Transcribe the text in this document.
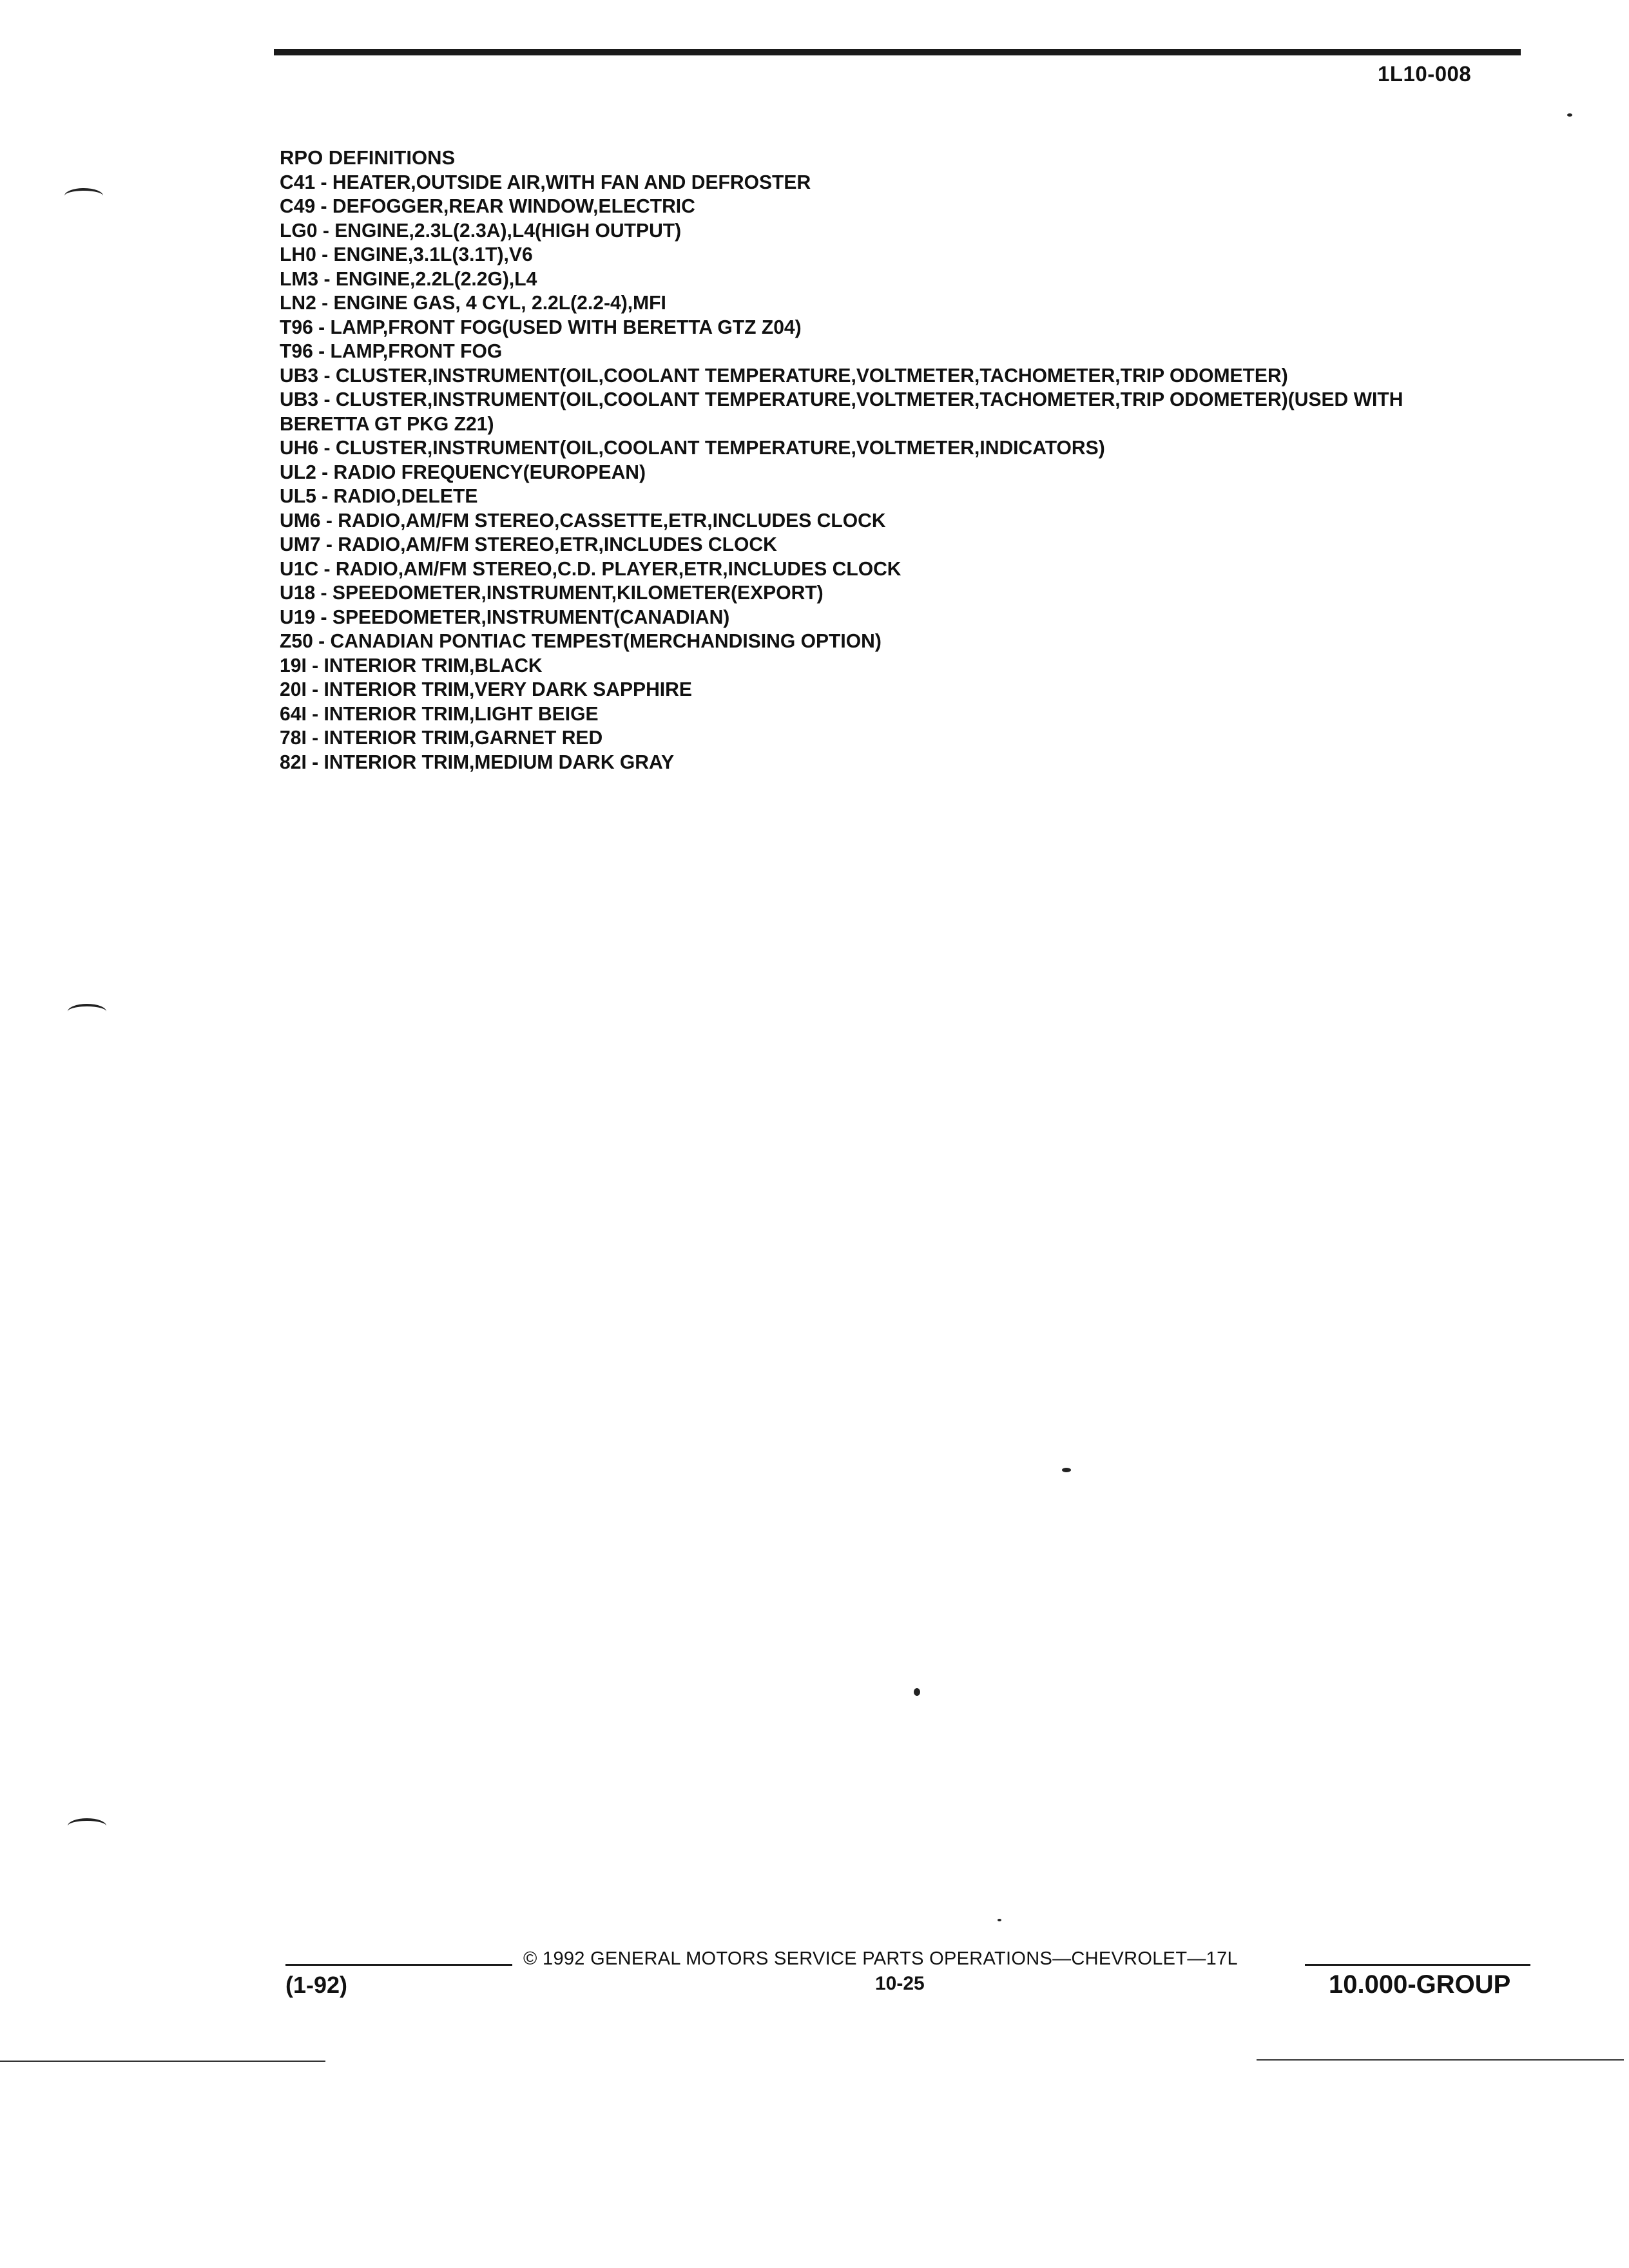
1L10-008
RPO DEFINITIONS
C41 - HEATER,OUTSIDE AIR,WITH FAN AND DEFROSTER
C49 - DEFOGGER,REAR WINDOW,ELECTRIC
LG0 - ENGINE,2.3L(2.3A),L4(HIGH OUTPUT)
LH0 - ENGINE,3.1L(3.1T),V6
LM3 - ENGINE,2.2L(2.2G),L4
LN2 - ENGINE GAS, 4 CYL, 2.2L(2.2-4),MFI
T96 - LAMP,FRONT FOG(USED WITH BERETTA GTZ Z04)
T96 - LAMP,FRONT FOG
UB3 - CLUSTER,INSTRUMENT(OIL,COOLANT TEMPERATURE,VOLTMETER,TACHOMETER,TRIP ODOMETER)
UB3 - CLUSTER,INSTRUMENT(OIL,COOLANT TEMPERATURE,VOLTMETER,TACHOMETER,TRIP ODOMETER)(USED WITH BERETTA GT PKG Z21)
UH6 - CLUSTER,INSTRUMENT(OIL,COOLANT TEMPERATURE,VOLTMETER,INDICATORS)
UL2 - RADIO FREQUENCY(EUROPEAN)
UL5 - RADIO,DELETE
UM6 - RADIO,AM/FM STEREO,CASSETTE,ETR,INCLUDES CLOCK
UM7 - RADIO,AM/FM STEREO,ETR,INCLUDES CLOCK
U1C - RADIO,AM/FM STEREO,C.D. PLAYER,ETR,INCLUDES CLOCK
U18 - SPEEDOMETER,INSTRUMENT,KILOMETER(EXPORT)
U19 - SPEEDOMETER,INSTRUMENT(CANADIAN)
Z50 - CANADIAN PONTIAC TEMPEST(MERCHANDISING OPTION)
19I - INTERIOR TRIM,BLACK
20I - INTERIOR TRIM,VERY DARK SAPPHIRE
64I - INTERIOR TRIM,LIGHT BEIGE
78I - INTERIOR TRIM,GARNET RED
82I - INTERIOR TRIM,MEDIUM DARK GRAY
© 1992 GENERAL MOTORS SERVICE PARTS OPERATIONS—CHEVROLET—17L
(1-92)	10-25	10.000-GROUP
